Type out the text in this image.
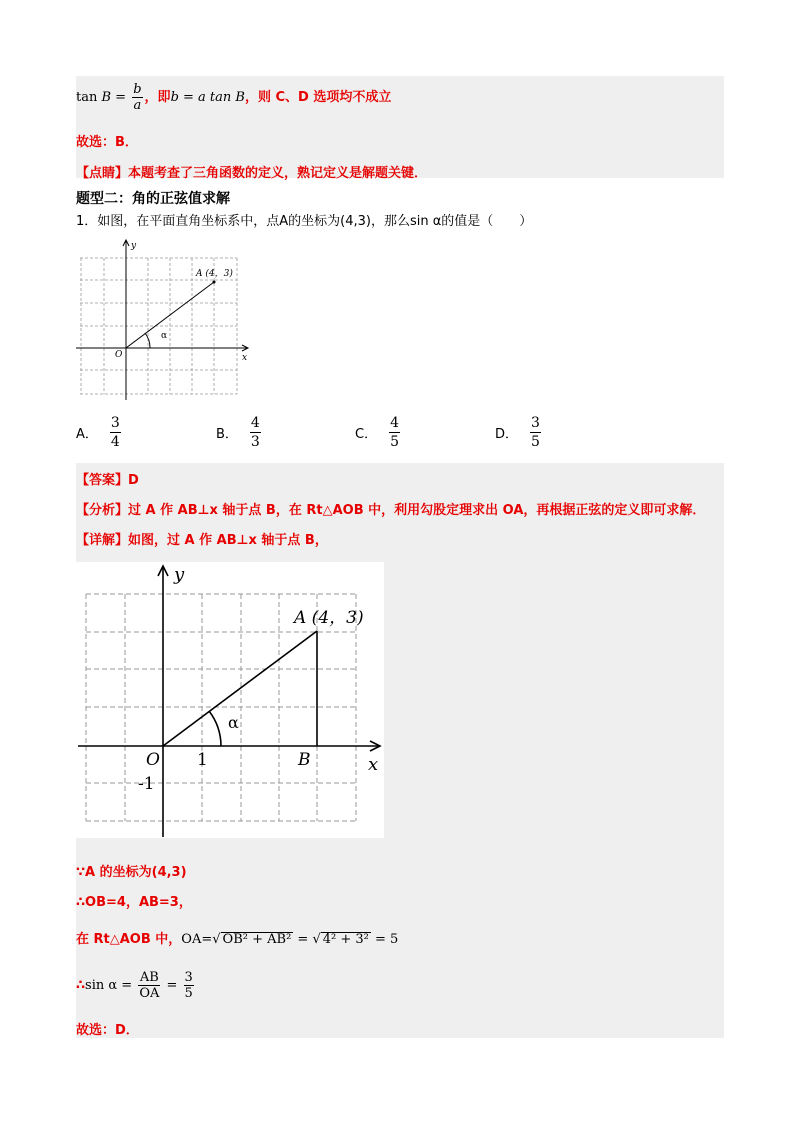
$\tan B = \frac{b}{a}$ ，即b = a tan B，则 C、D 选项均不成立
故选：B．
【点睛】本题考查了三角函数的定义，熟记定义是解题关键．
题型二：角的正弦值求解
1．如图，在平面直角坐标系中，点A的坐标为(4,3)，那么sin α的值是（　　）
A (4，3)
O	x
y
α
A． $\frac{3}{4}$	B． $\frac{4}{3}$	C． $\frac{4}{5}$	D． $\frac{3}{5}$
【答案】D
【分析】过 A 作 AB⊥x 轴于点 B，在 Rt△AOB 中，利用勾股定理求出 OA，再根据正弦的定义即可求解．
【详解】如图，过 A 作 AB⊥x 轴于点 B，
A (4，3)
O 1
-1
B	x
y
α
∵A 的坐标为(4,3)
∴OB=4，AB=3，
在 Rt△AOB 中，OA=√ OB² + AB² = √ 4² + 3² = 5
∴sin $\alpha = \frac{AB}{OA} = \frac{3}{5}$
故选：D．
